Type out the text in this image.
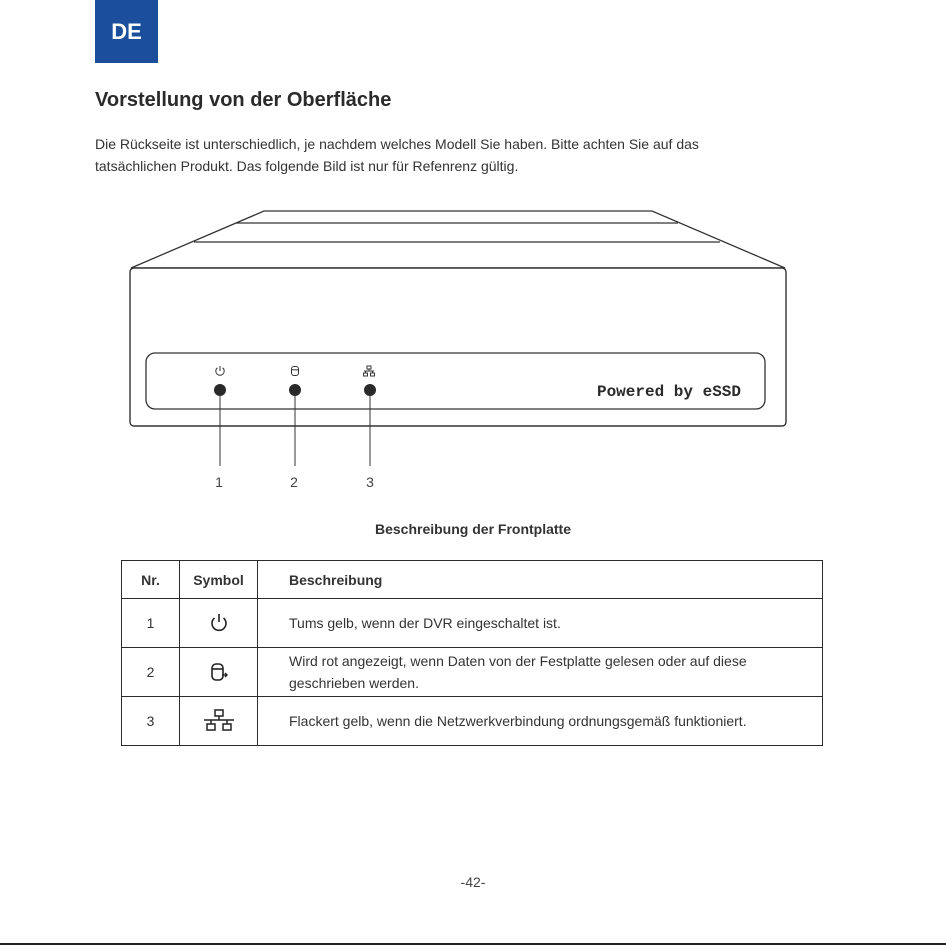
DE
Vorstellung von der Oberfläche

Die Rückseite ist unterschiedlich, je nachdem welches Modell Sie haben. Bitte achten Sie auf das
tatsächlichen Produkt. Das folgende Bild ist nur für Refenrenz gültig.

1	2	3
Powered by eSSD

Beschreibung der Frontplatte

Nr.	Symbol	Beschreibung
1		Tums gelb, wenn der DVR eingeschaltet ist.
2		Wird rot angezeigt, wenn Daten von der Festplatte gelesen oder auf diese
geschrieben werden.
3		Flackert gelb, wenn die Netzwerkverbindung ordnungsgemäß funktioniert.
-42-
